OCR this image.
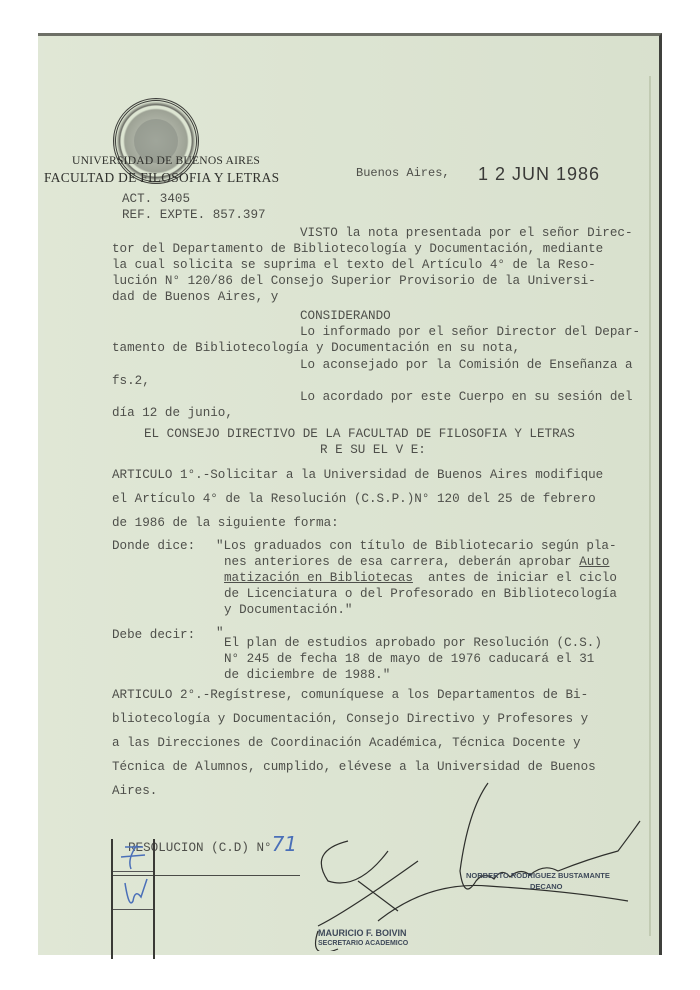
UNIVERSIDAD DE BUENOS AIRES
FACULTAD DE FILOSOFIA Y LETRAS
ACT. 3405
REF. EXPTE. 857.397
Buenos Aires, 1 2 JUN 1986
VISTO la nota presentada por el señor Direc-
tor del Departamento de Bibliotecología y Documentación, mediante
la cual solicita se suprima el texto del Artículo 4° de la Reso-
lución N° 120/86 del Consejo Superior Provisorio de la Universi-
dad de Buenos Aires, y
CONSIDERANDO
Lo informado por el señor Director del Depar-
tamento de Bibliotecología y Documentación en su nota,
Lo aconsejado por la Comisión de Enseñanza a
fs.2,
Lo acordado por este Cuerpo en su sesión del
día 12 de junio,
EL CONSEJO DIRECTIVO DE LA FACULTAD DE FILOSOFIA Y LETRAS
R E SU EL V E:
ARTICULO 1°.-Solicitar a la Universidad de Buenos Aires modifique
el Artículo 4° de la Resolución (C.S.P.)N° 120 del 25 de febrero
de 1986 de la siguiente forma:
Donde dice: "Los graduados con título de Bibliotecario según pla-
nes anteriores de esa carrera, deberán aprobar Auto
matización en Bibliotecas  antes de iniciar el ciclo
de Licenciatura o del Profesorado en Bibliotecología
y Documentación."
Debe decir: "
El plan de estudios aprobado por Resolución (C.S.)
N° 245 de fecha 18 de mayo de 1976 caducará el 31
de diciembre de 1988."
ARTICULO 2°.-Regístrese, comuníquese a los Departamentos de Bi-
bliotecología y Documentación, Consejo Directivo y Profesores y
a las Direcciones de Coordinación Académica, Técnica Docente y
Técnica de Alumnos, cumplido, elévese a la Universidad de Buenos
Aires.

RESOLUCION (C.D) N°71

NORBERTO RODRIGUEZ BUSTAMANTE
DECANO
MAURICIO F. BOIVIN
SECRETARIO ACADEMICO
